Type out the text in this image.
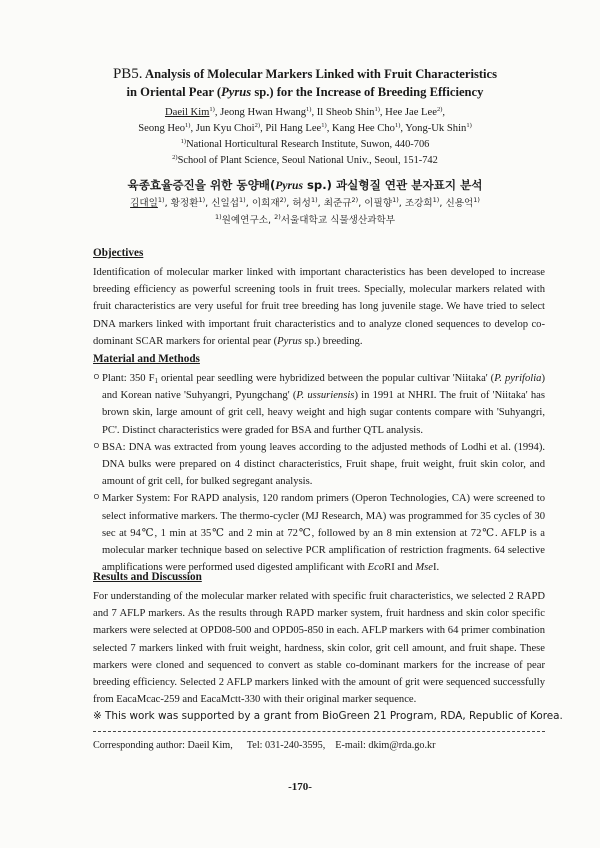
PB5. Analysis of Molecular Markers Linked with Fruit Characteristics
in Oriental Pear (Pyrus sp.) for the Increase of Breeding Efficiency
Daeil Kim$^{1)}$, Jeong Hwan Hwang$^{1)}$, Il Sheob Shin$^{1)}$, Hee Jae Lee$^{2)}$,
Seong Heo$^{1)}$, Jun Kyu Choi$^{2)}$, Pil Hang Lee$^{1)}$, Kang Hee Cho$^{1)}$, Yong-Uk Shin$^{1)}$
$^{1)}$National Horticultural Research Institute, Suwon, 440-706
$^{2)}$School of Plant Science, Seoul National Univ., Seoul, 151-742
육종효율증진을 위한 동양배(Pyrus sp.) 과실형질 연관 분자표지 분석
김대일$^{1)}$, 황정환$^{1)}$, 신일섭$^{1)}$, 이희재$^{2)}$, 허성$^{1)}$, 최준규$^{2)}$, 이필향$^{1)}$, 조강희$^{1)}$, 신용억$^{1)}$
$^{1)}$원예연구소, $^{2)}$서울대학교 식물생산과학부
Objectives
Identification of molecular marker linked with important characteristics has been developed to increase breeding efficiency as powerful screening tools in fruit trees. Specially, molecular markers related with fruit characteristics are very useful for fruit tree breeding has long juvenile stage. We have tried to select DNA markers linked with important fruit characteristics and to analyze cloned sequences to develop co-dominant SCAR markers for oriental pear (Pyrus sp.) breeding.
Material and Methods
ㅇ Plant: 350 $F_1$ oriental pear seedling were hybridized between the popular cultivar 'Niitaka' (P. pyrifolia) and Korean native 'Suhyangri, Pyungchang' (P. ussuriensis) in 1991 at NHRI. The fruit of 'Niitaka' has brown skin, large amount of grit cell, heavy weight and high sugar contents compare with 'Suhyangri, PC'. Distinct characteristics were graded for BSA and further QTL analysis.
ㅇ BSA: DNA was extracted from young leaves according to the adjusted methods of Lodhi et al. (1994). DNA bulks were prepared on 4 distinct characteristics, Fruit shape, fruit weight, fruit skin color, and amount of grit cell, for bulked segregant analysis.
ㅇ Marker System: For RAPD analysis, 120 random primers (Operon Technologies, CA) were screened to select informative markers. The thermo-cycler (MJ Research, MA) was programmed for 35 cycles of 30 sec at 94℃, 1 min at 35℃ and 2 min at 72℃, followed by an 8 min extension at 72℃. AFLP is a molecular marker technique based on selective PCR amplification of restriction fragments. 64 selective amplifications were performed used digested amplificant with EcoRI and MseI.
Results and Discussion
For understanding of the molecular marker related with specific fruit characteristics, we selected 2 RAPD and 7 AFLP markers. As the results through RAPD marker system, fruit hardness and skin color specific markers were selected at OPD08-500 and OPD05-850 in each. AFLP markers with 64 primer combination selected 7 markers linked with fruit weight, hardness, skin color, grit cell amount, and fruit shape. These markers were cloned and sequenced to convert as stable co-dominant markers for the increase of pear breeding efficiency. Selected 2 AFLP markers linked with the amount of grit were sequenced successfully from EacaMcac-259 and EacaMctt-330 with their original marker sequence.
※ This work was supported by a grant from BioGreen 21 Program, RDA, Republic of Korea.
Corresponding author: Daeil Kim, Tel: 031-240-3595, E-mail: dkim@rda.go.kr
-170-
